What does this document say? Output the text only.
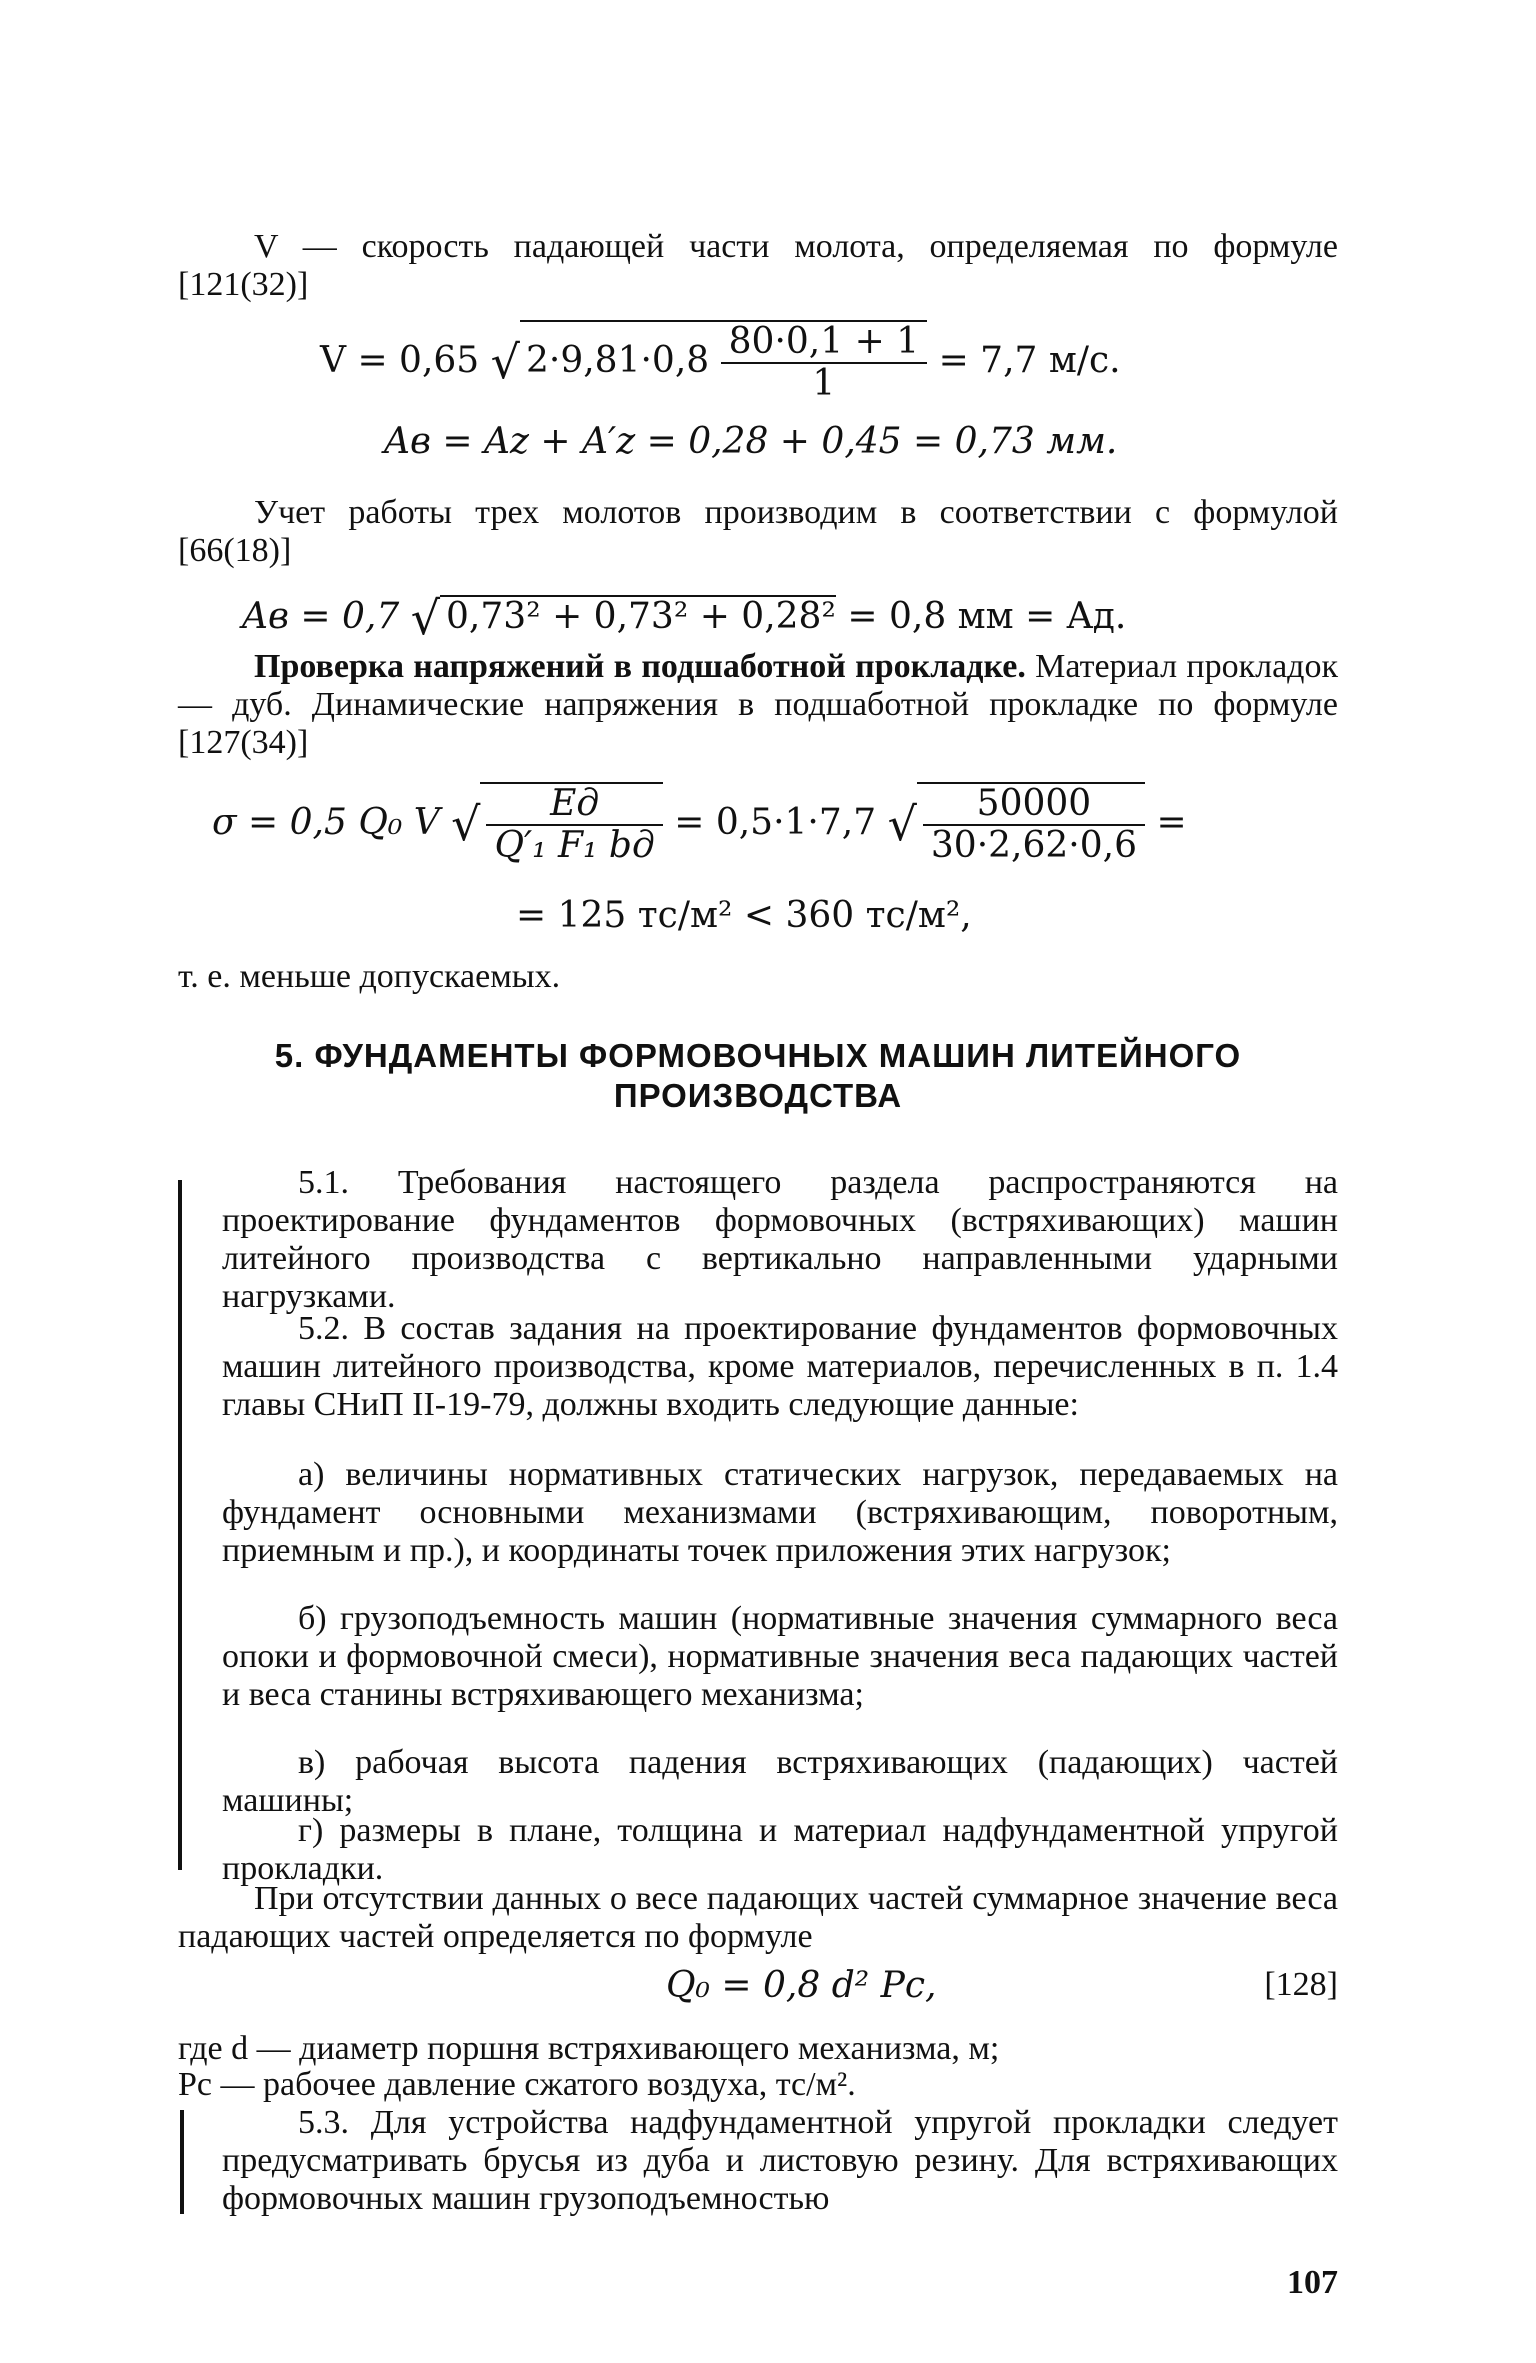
V — скорость падающей части молота, определяемая по формуле [121(32)]
V = 0,65 √ $2\cdot 9,81\cdot 0,8 \frac{80\cdot 0,1 + 1}{1} = 7,7$ м/с.
Aв = Az + A′z = 0,28 + 0,45 = 0,73 мм.
Учет работы трех молотов производим в соответствии с формулой [66(18)]
Aв = 0,7 √ 0,73² + 0,73² + 0,28² = 0,8 мм = Aд.
Проверка напряжений в подшаботной прокладке. Материал прокладок — дуб. Динамические напряжения в подшаботной прокладке по формуле [127(34)]
σ = 0,5 Q₀ V √ $\frac{Eд}{\text{Q′₁ F₁ bд}} = 0,5\cdot 1\cdot 7,7$ √ $\frac{50000}{30\cdot 2,62\cdot 0,6}$ =
= 125 тс/м² < 360 тс/м²,
т. е. меньше допускаемых.
5. ФУНДАМЕНТЫ ФОРМОВОЧНЫХ МАШИН ЛИТЕЙНОГО
ПРОИЗВОДСТВА
5.1. Требования настоящего раздела распространяются на проектирование фундаментов формовочных (встряхивающих) машин литейного производства с вертикально направленными ударными нагрузками.
5.2. В состав задания на проектирование фундаментов формовочных машин литейного производства, кроме материалов, перечисленных в п. 1.4 главы СНиП II-19-79, должны входить следующие данные:
а) величины нормативных статических нагрузок, передаваемых на фундамент основными механизмами (встряхивающим, поворотным, приемным и пр.), и координаты точек приложения этих нагрузок;
б) грузоподъемность машин (нормативные значения суммарного веса опоки и формовочной смеси), нормативные значения веса падающих частей и веса станины встряхивающего механизма;
в) рабочая высота падения встряхивающих (падающих) частей машины;
г) размеры в плане, толщина и материал надфундаментной упругой прокладки.
При отсутствии данных о весе падающих частей суммарное значение веса падающих частей определяется по формуле
Q₀ = 0,8 d² Pc,	[128]
где d — диаметр поршня встряхивающего механизма, м;
Pc — рабочее давление сжатого воздуха, тс/м².
5.3. Для устройства надфундаментной упругой прокладки следует предусматривать брусья из дуба и листовую резину. Для встряхивающих формовочных машин грузоподъемностью
107
